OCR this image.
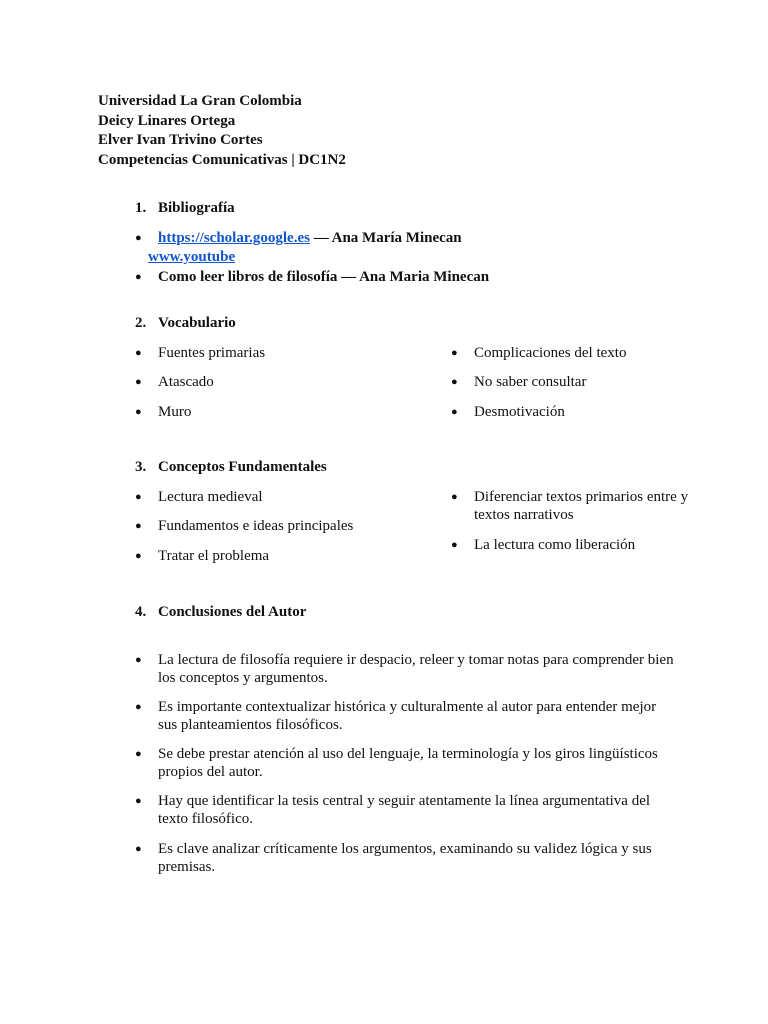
Universidad La Gran Colombia
Deicy Linares Ortega
Elver Ivan Trivino Cortes
Competencias Comunicativas | DC1N2
1. Bibliografía
● https://scholar.google.es — Ana María Minecan
www.youtube
● Como leer libros de filosofía — Ana Maria Minecan
2. Vocabulario
● Fuentes primarias
● Atascado
● Muro
● Complicaciones del texto
● No saber consultar
● Desmotivación
3. Conceptos Fundamentales
● Lectura medieval
● Fundamentos e ideas principales
● Tratar el problema
● Diferenciar textos primarios entre y textos narrativos
● La lectura como liberación
4. Conclusiones del Autor
● La lectura de filosofía requiere ir despacio, releer y tomar notas para comprender bien los conceptos y argumentos.
● Es importante contextualizar histórica y culturalmente al autor para entender mejor sus planteamientos filosóficos.
● Se debe prestar atención al uso del lenguaje, la terminología y los giros lingüísticos propios del autor.
● Hay que identificar la tesis central y seguir atentamente la línea argumentativa del texto filosófico.
● Es clave analizar críticamente los argumentos, examinando su validez lógica y sus premisas.
